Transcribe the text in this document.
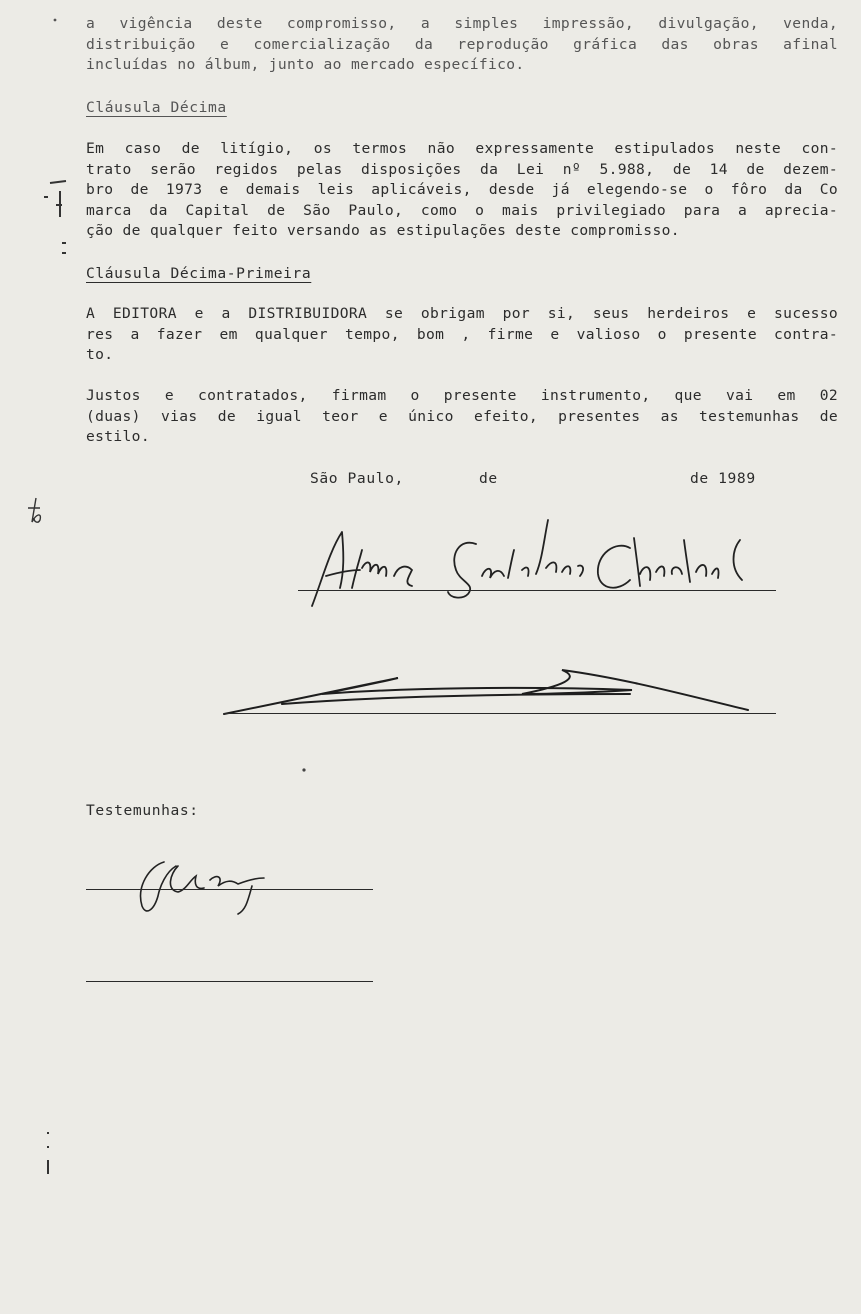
a vigência deste compromisso, a simples impressão, divulgação, venda,
distribuição e comercialização da reprodução gráfica das obras afinal
incluídas no álbum, junto ao mercado específico.
Cláusula Décima
Em caso de litígio, os termos não expressamente estipulados neste con-
trato serão regidos pelas disposições da Lei nº 5.988, de 14 de dezem-
bro de 1973 e demais leis aplicáveis, desde já elegendo-se o fôro da Co
marca da Capital de São Paulo, como o mais privilegiado para a aprecia-
ção de qualquer feito versando as estipulações deste compromisso.
Cláusula Décima-Primeira
A EDITORA e a DISTRIBUIDORA se obrigam por si, seus herdeiros e sucesso
res a fazer em qualquer tempo, bom , firme e valioso o presente contra-
to.
Justos e contratados, firmam o presente instrumento, que vai em 02
(duas) vias de igual teor e único efeito, presentes as testemunhas de
estilo.
São Paulo,	de	de 1989
Testemunhas:
